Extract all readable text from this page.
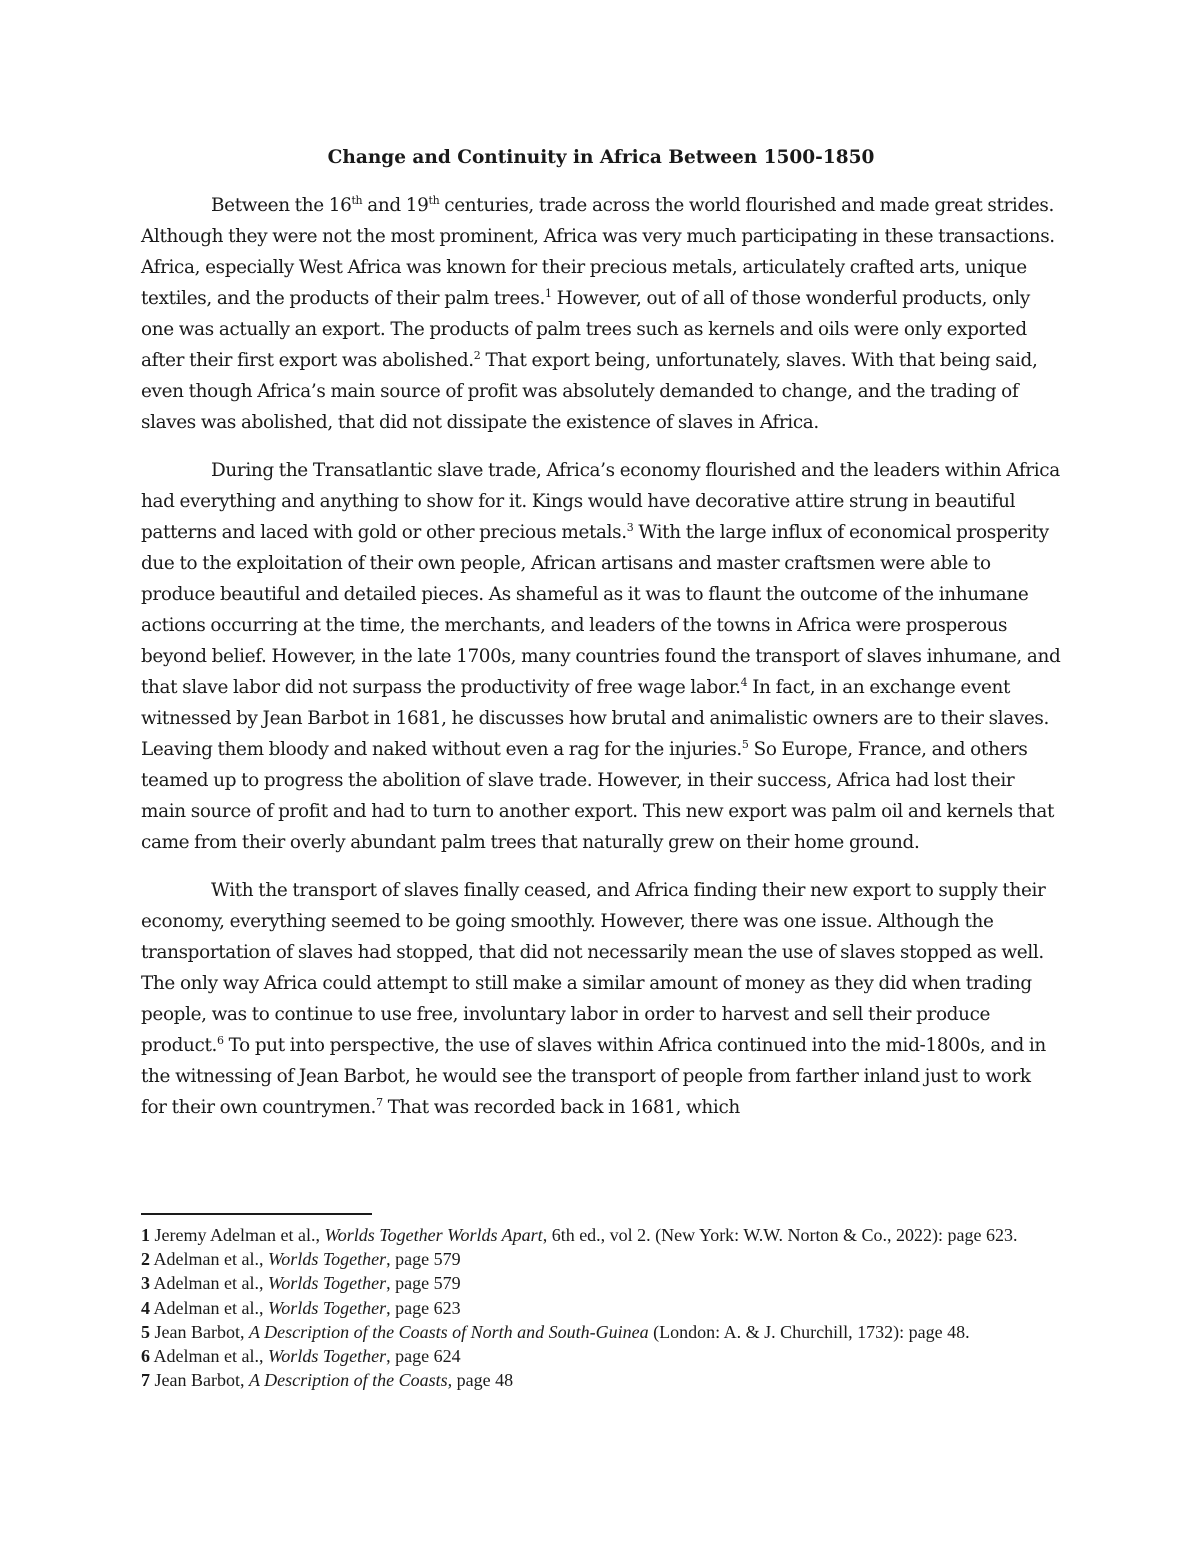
Change and Continuity in Africa Between 1500-1850

Between the 16th and 19th centuries, trade across the world flourished and made great strides. Although they were not the most prominent, Africa was very much participating in these transactions. Africa, especially West Africa was known for their precious metals, articulately crafted arts, unique textiles, and the products of their palm trees.$^1$ However, out of all of those wonderful products, only one was actually an export. The products of palm trees such as kernels and oils were only exported after their first export was abolished.$^2$ That export being, unfortunately, slaves. With that being said, even though Africa’s main source of profit was absolutely demanded to change, and the trading of slaves was abolished, that did not dissipate the existence of slaves in Africa.

During the Transatlantic slave trade, Africa’s economy flourished and the leaders within Africa had everything and anything to show for it. Kings would have decorative attire strung in beautiful patterns and laced with gold or other precious metals.$^3$ With the large influx of economical prosperity due to the exploitation of their own people, African artisans and master craftsmen were able to produce beautiful and detailed pieces. As shameful as it was to flaunt the outcome of the inhumane actions occurring at the time, the merchants, and leaders of the towns in Africa were prosperous beyond belief. However, in the late 1700s, many countries found the transport of slaves inhumane, and that slave labor did not surpass the productivity of free wage labor.$^4$ In fact, in an exchange event witnessed by Jean Barbot in 1681, he discusses how brutal and animalistic owners are to their slaves. Leaving them bloody and naked without even a rag for the injuries.$^5$ So Europe, France, and others teamed up to progress the abolition of slave trade. However, in their success, Africa had lost their main source of profit and had to turn to another export. This new export was palm oil and kernels that came from their overly abundant palm trees that naturally grew on their home ground.

With the transport of slaves finally ceased, and Africa finding their new export to supply their economy, everything seemed to be going smoothly. However, there was one issue. Although the transportation of slaves had stopped, that did not necessarily mean the use of slaves stopped as well. The only way Africa could attempt to still make a similar amount of money as they did when trading people, was to continue to use free, involuntary labor in order to harvest and sell their produce product.$^6$ To put into perspective, the use of slaves within Africa continued into the mid-1800s, and in the witnessing of Jean Barbot, he would see the transport of people from farther inland just to work for their own countrymen.$^7$ That was recorded back in 1681, which

1 Jeremy Adelman et al., Worlds Together Worlds Apart, 6th ed., vol 2. (New York: W.W. Norton & Co., 2022): page 623.
2 Adelman et al., Worlds Together, page 579
3 Adelman et al., Worlds Together, page 579
4 Adelman et al., Worlds Together, page 623
5 Jean Barbot, A Description of the Coasts of North and South-Guinea (London: A. & J. Churchill, 1732): page 48.
6 Adelman et al., Worlds Together, page 624
7 Jean Barbot, A Description of the Coasts, page 48
